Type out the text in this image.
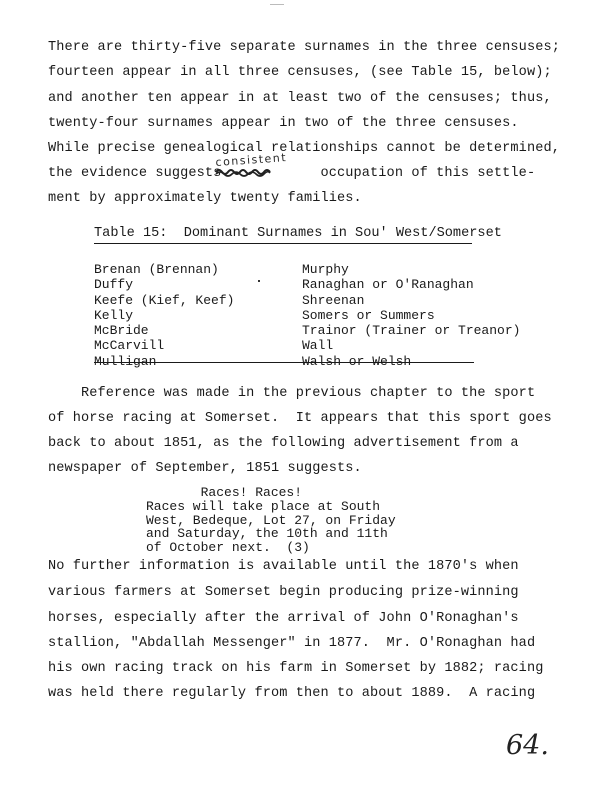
There are thirty-five separate surnames in the three censuses;
fourteen appear in all three censuses, (see Table 15, below);
and another ten appear in at least two of the censuses; thus,
twenty-four surnames appear in two of the three censuses.
While precise genealogical relationships cannot be determined,
the evidence suggests            occupation of this settle-
ment by approximately twenty families.
consistent
Table 15:  Dominant Surnames in Sou' West/Somerset
Brenan (Brennan)
Duffy
Keefe (Kief, Keef)
Kelly
McBride
McCarvill
Mulligan
Murphy
Ranaghan or O'Ranaghan
Shreenan
Somers or Summers
Trainor (Trainer or Treanor)
Wall
Walsh or Welsh
Reference was made in the previous chapter to the sport
of horse racing at Somerset.  It appears that this sport goes
back to about 1851, as the following advertisement from a
newspaper of September, 1851 suggests.
Races! Races!
Races will take place at South
West, Bedeque, Lot 27, on Friday
and Saturday, the 10th and 11th
of October next.  (3)
No further information is available until the 1870's when
various farmers at Somerset begin producing prize-winning
horses, especially after the arrival of John O'Ronaghan's
stallion, "Abdallah Messenger" in 1877.  Mr. O'Ronaghan had
his own racing track on his farm in Somerset by 1882; racing
was held there regularly from then to about 1889.  A racing
64.
